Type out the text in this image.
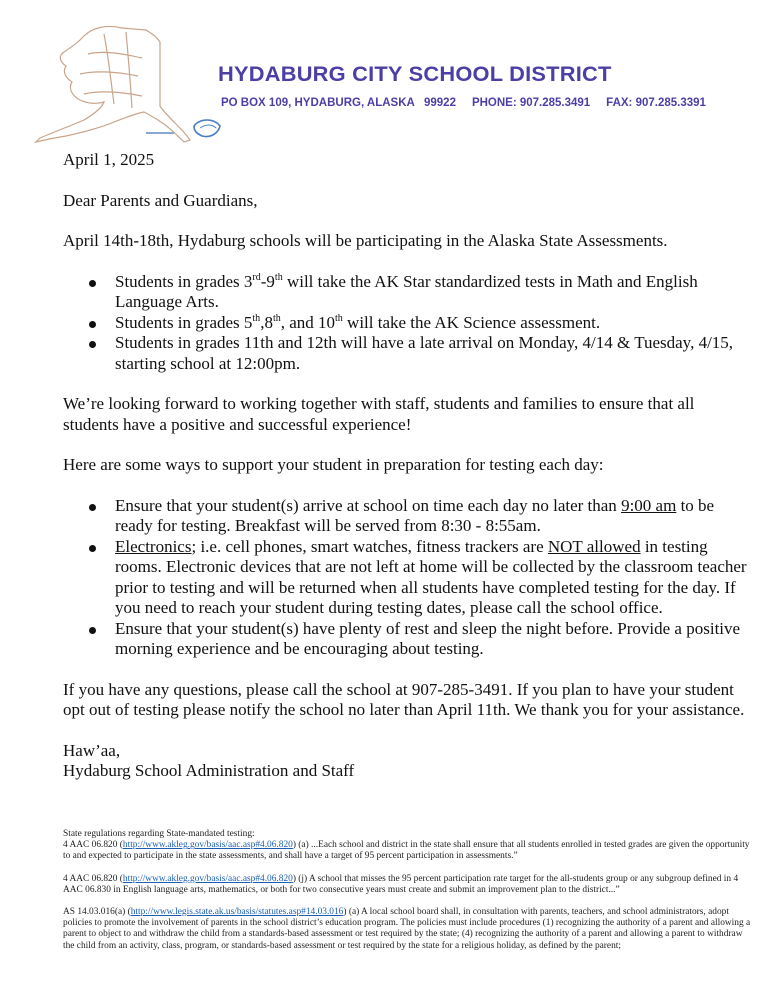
HYDABURG CITY SCHOOL DISTRICT
PO BOX 109, HYDABURG, ALASKA   99922     PHONE: 907.285.3491     FAX: 907.285.3391

April 1, 2025

Dear Parents and Guardians,

April 14th-18th, Hydaburg schools will be participating in the Alaska State Assessments.

Students in grades 3rd-9th will take the AK Star standardized tests in Math and English Language Arts.
Students in grades 5th,8th, and 10th will take the AK Science assessment.
Students in grades 11th and 12th will have a late arrival on Monday, 4/14 & Tuesday, 4/15, starting school at 12:00pm.

We’re looking forward to working together with staff, students and families to ensure that all students have a positive and successful experience!

Here are some ways to support your student in preparation for testing each day:

Ensure that your student(s) arrive at school on time each day no later than 9:00 am to be ready for testing. Breakfast will be served from 8:30 - 8:55am.
Electronics; i.e. cell phones, smart watches, fitness trackers are NOT allowed in testing rooms. Electronic devices that are not left at home will be collected by the classroom teacher prior to testing and will be returned when all students have completed testing for the day. If you need to reach your student during testing dates, please call the school office.
Ensure that your student(s) have plenty of rest and sleep the night before. Provide a positive morning experience and be encouraging about testing.

If you have any questions, please call the school at 907-285-3491. If you plan to have your student opt out of testing please notify the school no later than April 11th. We thank you for your assistance.

Haw’aa,
Hydaburg School Administration and Staff
State regulations regarding State-mandated testing:

4 AAC 06.820 (http://www.akleg.gov/basis/aac.asp#4.06.820) (a) ...Each school and district in the state shall ensure that all students enrolled in tested grades are given the opportunity to and expected to participate in the state assessments, and shall have a target of 95 percent participation in assessments.”

4 AAC 06.820 (http://www.akleg.gov/basis/aac.asp#4.06.820) (j) A school that misses the 95 percent participation rate target for the all-students group or any subgroup defined in 4 AAC 06.830 in English language arts, mathematics, or both for two consecutive years must create and submit an improvement plan to the district...”

AS 14.03.016(a) (http://www.legis.state.ak.us/basis/statutes.asp#14.03.016) (a) A local school board shall, in consultation with parents, teachers, and school administrators, adopt policies to promote the involvement of parents in the school district’s education program. The policies must include procedures (1) recognizing the authority of a parent and allowing a parent to object to and withdraw the child from a standards-based assessment or test required by the state; (4) recognizing the authority of a parent and allowing a parent to withdraw the child from an activity, class, program, or standards-based assessment or test required by the state for a religious holiday, as defined by the parent;
